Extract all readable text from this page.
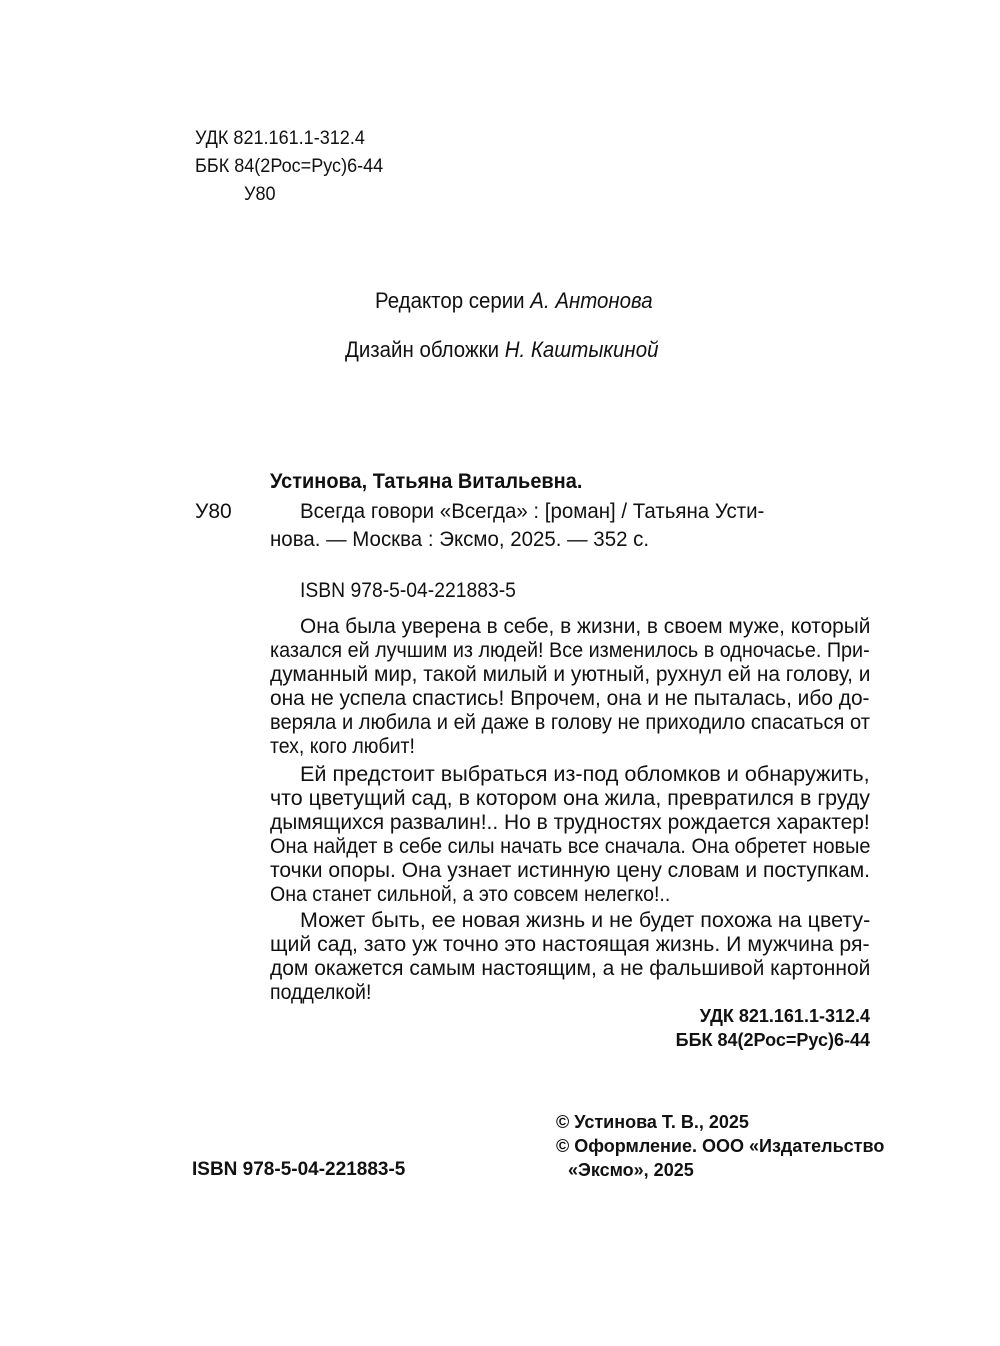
УДК 821.161.1-312.4
ББК 84(2Рос=Рус)6-44
У80
Редактор серии А. Антонова
Дизайн обложки Н. Каштыкиной
Устинова, Татьяна Витальевна.
У80	Всегда говори «Всегда» : [роман] / Татьяна Усти-
нова. — Москва : Эксмо, 2025. — 352 с.
ISBN 978-5-04-221883-5
Она была уверена в себе, в жизни, в своем муже, который
казался ей лучшим из людей! Все изменилось в одночасье. При-
думанный мир, такой милый и уютный, рухнул ей на голову, и
она не успела спастись! Впрочем, она и не пыталась, ибо до-
веряла и любила и ей даже в голову не приходило спасаться от
тех, кого любит!
Ей предстоит выбраться из-под обломков и обнаружить,
что цветущий сад, в котором она жила, превратился в груду
дымящихся развалин!.. Но в трудностях рождается характер!
Она найдет в себе силы начать все сначала. Она обретет новые
точки опоры. Она узнает истинную цену словам и поступкам.
Она станет сильной, а это совсем нелегко!..
Может быть, ее новая жизнь и не будет похожа на цвету-
щий сад, зато уж точно это настоящая жизнь. И мужчина ря-
дом окажется самым настоящим, а не фальшивой картонной
подделкой!
УДК 821.161.1-312.4
ББК 84(2Рос=Рус)6-44
ISBN 978-5-04-221883-5
© Устинова Т. В., 2025
© Оформление. ООО «Издательство
«Эксмо», 2025
